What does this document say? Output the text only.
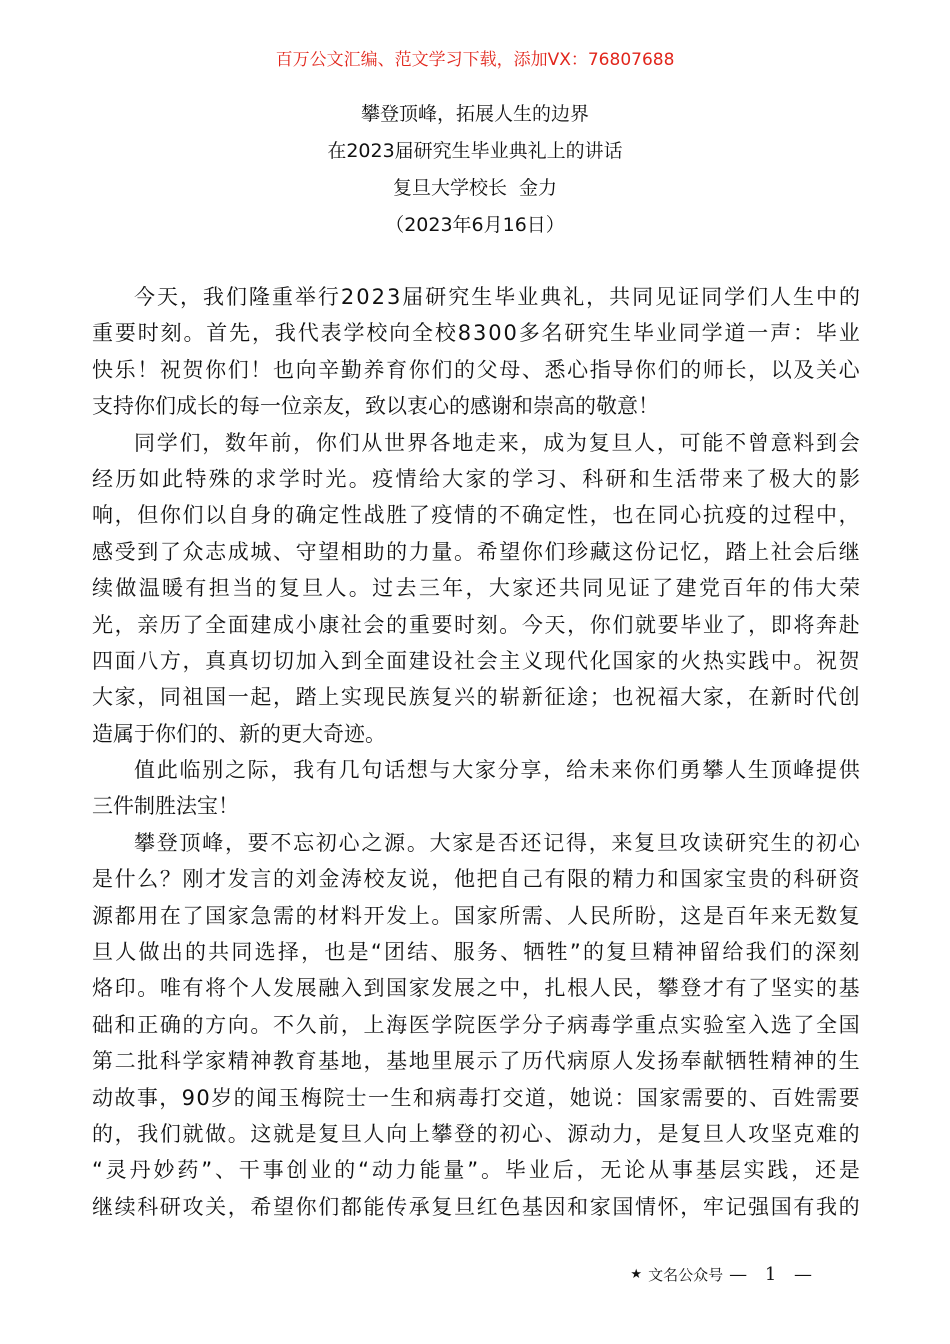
百万公文汇编、范文学习下载，添加VX：76807688
攀登顶峰，拓展人生的边界
在2023届研究生毕业典礼上的讲话
复旦大学校长  金力
（2023年6月16日）
今 天 ， 我 们 隆 重 举 行 2 0 2 3 届 研 究 生 毕 业 典 礼 ， 共 同 见 证 同 学 们 人 生 中 的
重 要 时 刻 。 首 先 ， 我 代 表 学 校 向 全 校 8 3 0 0 多 名 研 究 生 毕 业 同 学 道 一 声 ： 毕 业
快 乐 ！ 祝 贺 你 们 ！ 也 向 辛 勤 养 育 你 们 的 父 母 、 悉 心 指 导 你 们 的 师 长 ， 以 及 关 心
支持你们成长的每一位亲友，致以衷心的感谢和崇高的敬意！
同 学 们 ， 数 年 前 ， 你 们 从 世 界 各 地 走 来 ， 成 为 复 旦 人 ， 可 能 不 曾 意 料 到 会
经 历 如 此 特 殊 的 求 学 时 光 。 疫 情 给 大 家 的 学 习 、 科 研 和 生 活 带 来 了 极 大 的 影
响 ， 但 你 们 以 自 身 的 确 定 性 战 胜 了 疫 情 的 不 确 定 性 ， 也 在 同 心 抗 疫 的 过 程 中 ，
感 受 到 了 众 志 成 城 、 守 望 相 助 的 力 量 。 希 望 你 们 珍 藏 这 份 记 忆 ， 踏 上 社 会 后 继
续 做 温 暖 有 担 当 的 复 旦 人 。 过 去 三 年 ， 大 家 还 共 同 见 证 了 建 党 百 年 的 伟 大 荣
光 ， 亲 历 了 全 面 建 成 小 康 社 会 的 重 要 时 刻 。 今 天 ， 你 们 就 要 毕 业 了 ， 即 将 奔 赴
四 面 八 方 ， 真 真 切 切 加 入 到 全 面 建 设 社 会 主 义 现 代 化 国 家 的 火 热 实 践 中 。 祝 贺
大 家 ， 同 祖 国 一 起 ， 踏 上 实 现 民 族 复 兴 的 崭 新 征 途 ； 也 祝 福 大 家 ， 在 新 时 代 创
造属于你们的、新的更大奇迹。
值 此 临 别 之 际 ， 我 有 几 句 话 想 与 大 家 分 享 ， 给 未 来 你 们 勇 攀 人 生 顶 峰 提 供
三件制胜法宝！
攀 登 顶 峰 ， 要 不 忘 初 心 之 源 。 大 家 是 否 还 记 得 ， 来 复 旦 攻 读 研 究 生 的 初 心
是 什 么 ？ 刚 才 发 言 的 刘 金 涛 校 友 说 ， 他 把 自 己 有 限 的 精 力 和 国 家 宝 贵 的 科 研 资
源 都 用 在 了 国 家 急 需 的 材 料 开 发 上 。 国 家 所 需 、 人 民 所 盼 ， 这 是 百 年 来 无 数 复
旦 人 做 出 的 共 同 选 择 ， 也 是 “ 团 结 、 服 务 、 牺 牲 ” 的 复 旦 精 神 留 给 我 们 的 深 刻
烙 印 。 唯 有 将 个 人 发 展 融 入 到 国 家 发 展 之 中 ， 扎 根 人 民 ， 攀 登 才 有 了 坚 实 的 基
础 和 正 确 的 方 向 。 不 久 前 ， 上 海 医 学 院 医 学 分 子 病 毒 学 重 点 实 验 室 入 选 了 全 国
第 二 批 科 学 家 精 神 教 育 基 地 ， 基 地 里 展 示 了 历 代 病 原 人 发 扬 奉 献 牺 牲 精 神 的 生
动 故 事 ， 9 0 岁 的 闻 玉 梅 院 士 一 生 和 病 毒 打 交 道 ， 她 说 ： 国 家 需 要 的 、 百 姓 需 要
的 ， 我 们 就 做 。 这 就 是 复 旦 人 向 上 攀 登 的 初 心 、 源 动 力 ， 是 复 旦 人 攻 坚 克 难 的
“ 灵 丹 妙 药 ” 、 干 事 创 业 的 “ 动 力 能 量 ” 。 毕 业 后 ， 无 论 从 事 基 层 实 践 ， 还 是
继 续 科 研 攻 关 ， 希 望 你 们 都 能 传 承 复 旦 红 色 基 因 和 家 国 情 怀 ， 牢 记 强 国 有 我 的
★ 文名公众号 — 1 —
